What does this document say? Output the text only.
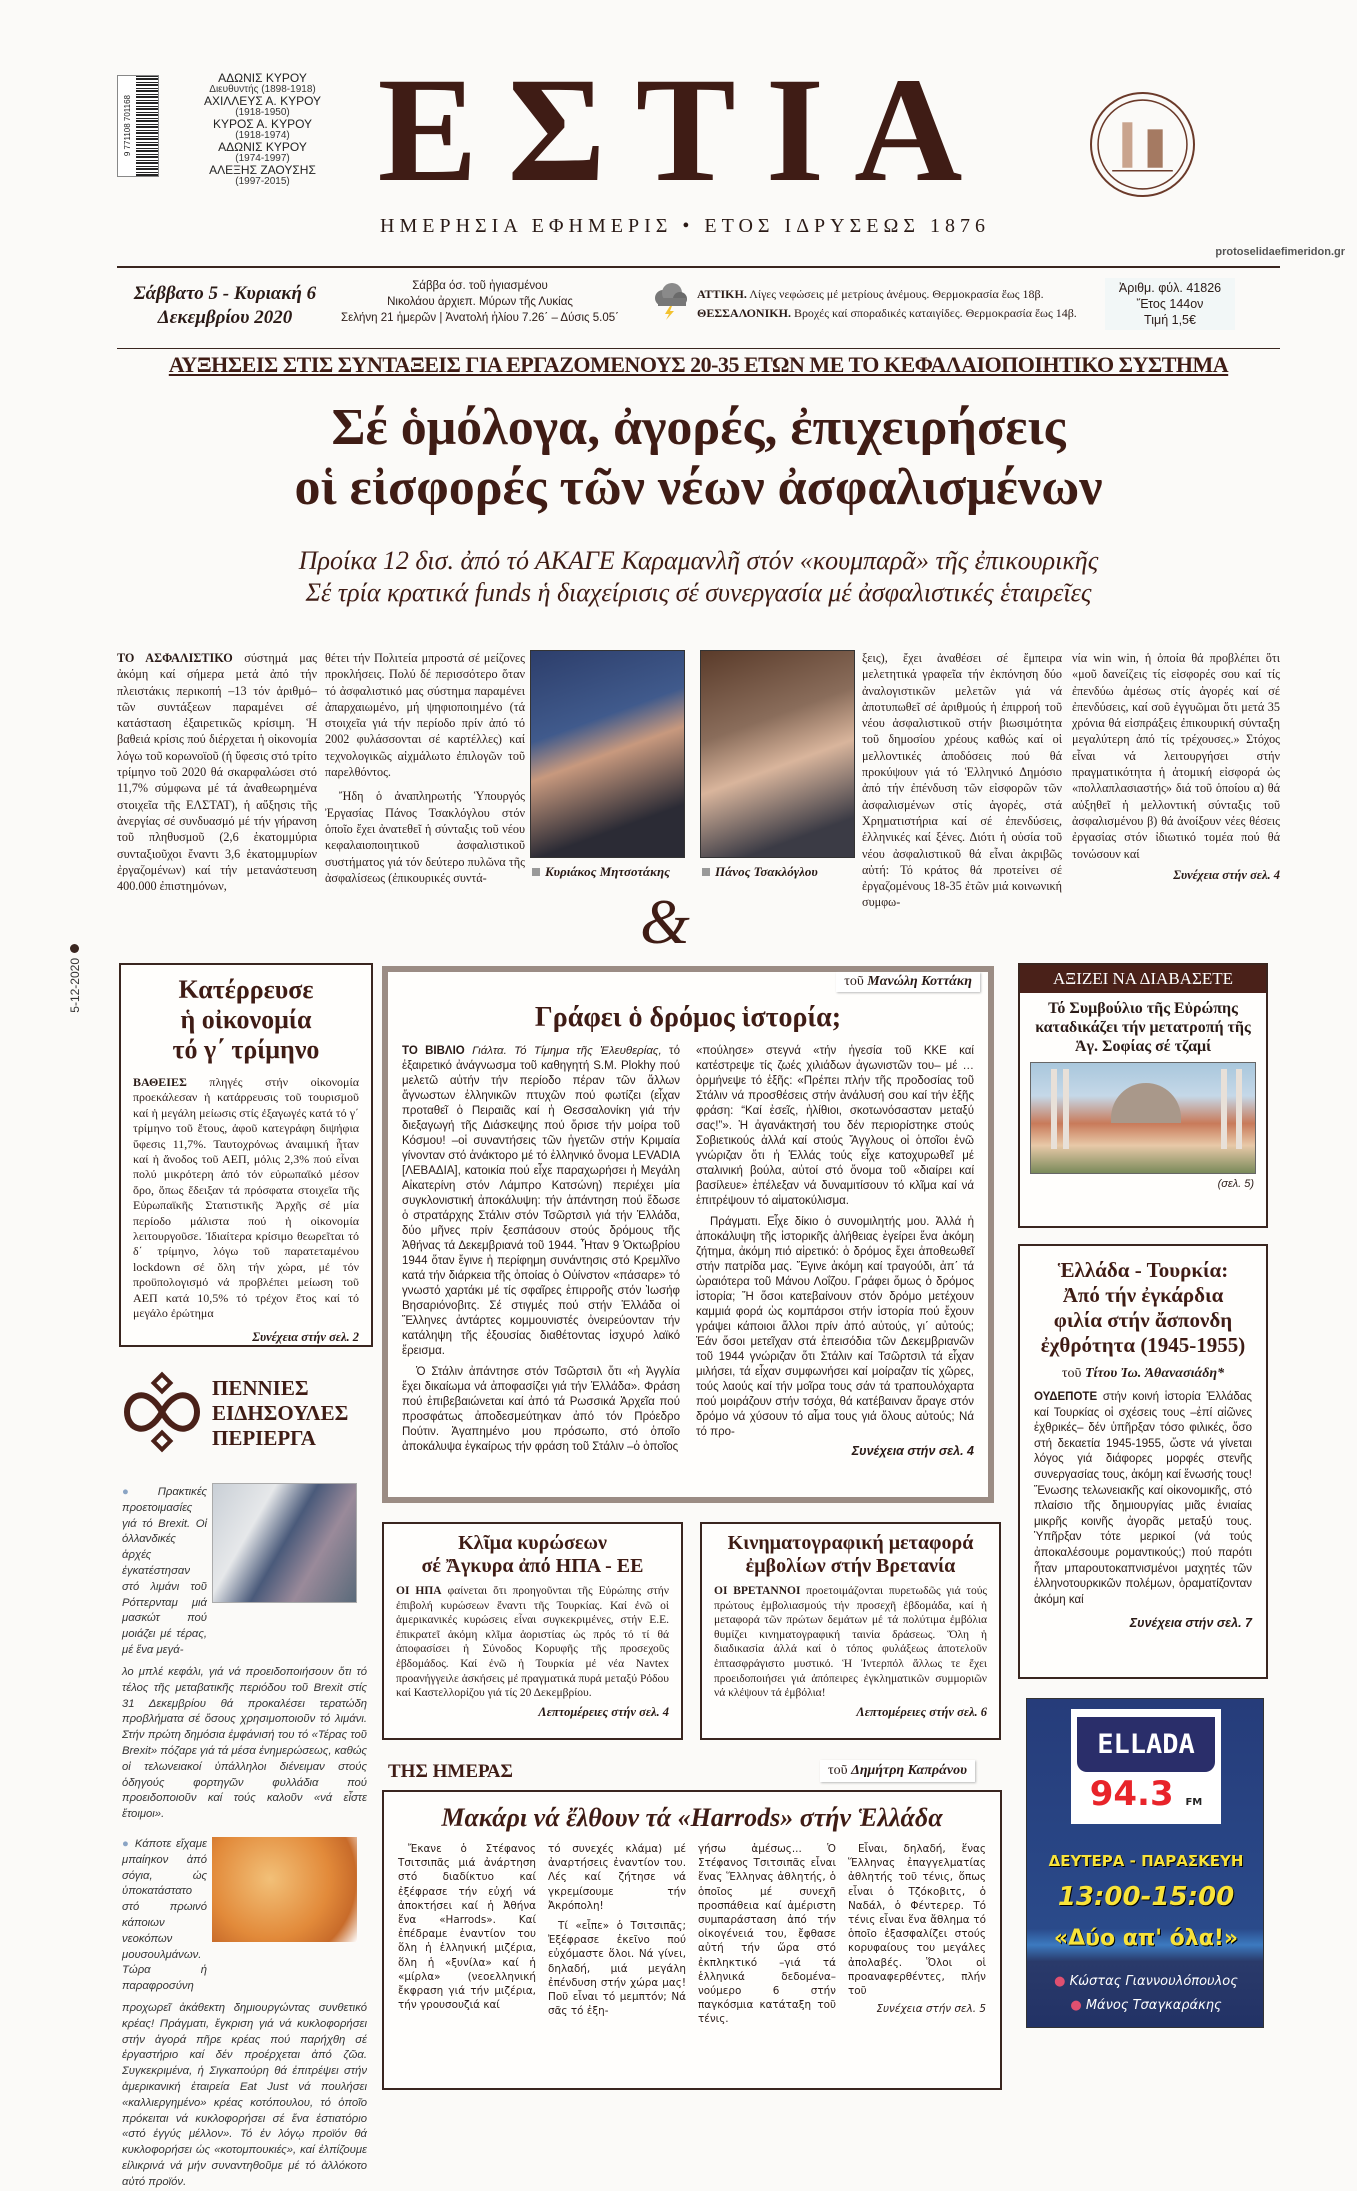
9 771108 701168
ΑΔΩΝΙΣ ΚΥΡΟΥ
Διευθυντής (1898-1918)
ΑΧΙΛΛΕΥΣ Α. ΚΥΡΟΥ
(1918-1950)
ΚΥΡΟΣ Α. ΚΥΡΟΥ
(1918-1974)
ΑΔΩΝΙΣ ΚΥΡΟΥ
(1974-1997)
ΑΛΕΞΗΣ ΖΑΟΥΣΗΣ
(1997-2015) ΕΣΤΙΑ
ΗΜΕΡΗΣΙΑ ΕΦΗΜΕΡΙΣ • ΕΤΟΣ ΙΔΡΥΣΕΩΣ 1876
protoselidaefimeridon.gr
Σάββατο 5 - Κυριακή 6
Δεκεμβρίου 2020
Σάββα όσ. τοῦ ἡγιασμένου
Νικολάου ἀρχιεπ. Μύρων τῆς Λυκίας
Σελήνη 21 ἡμερῶν | Ἀνατολή ἡλίου 7.26΄ – Δύσις 5.05΄
ΑΤΤΙΚΗ. Λίγες νεφώσεις μέ μετρίους ἀνέμους. Θερμοκρασία ἕως 18β.
ΘΕΣΣΑΛΟΝΙΚΗ. Βροχές καί σποραδικές καταιγίδες. Θερμοκρασία ἕως 14β.
Ἀριθμ. φύλ. 41826
Ἔτος 144ον
Τιμή 1,5€
ΑΥΞΗΣΕΙΣ ΣΤΙΣ ΣΥΝΤΑΞΕΙΣ ΓΙΑ ΕΡΓΑΖΟΜΕΝΟΥΣ 20-35 ΕΤΩΝ ΜΕ ΤΟ ΚΕΦΑΛΑΙΟΠΟΙΗΤΙΚΟ ΣΥΣΤΗΜΑ
Σέ ὁμόλογα, ἀγορές, ἐπιχειρήσεις
οἱ εἰσφορές τῶν νέων ἀσφαλισμένων
Προίκα 12 δισ. ἀπό τό ΑΚΑΓΕ Καραμανλῆ στόν «κουμπαρᾶ» τῆς ἐπικουρικῆς
Σέ τρία κρατικά funds ἡ διαχείρισις σέ συνεργασία μέ ἀσφαλιστικές ἑταιρεῖες

ΤΟ ΑΣΦΑΛΙΣΤΙΚΟ σύστημά μας ἀκόμη καί σήμερα μετά ἀπό τήν πλειστάκις περικοπή –13 τόν ἀριθμό– τῶν συντάξεων παραμένει σέ κατάσταση ἐξαιρετικῶς κρίσιμη. Ἡ βαθειά κρίσις πού διέρχεται ἡ οἰκονομία λόγω τοῦ κορωνοϊοῦ (ἡ ὕφεσις στό τρίτο τρίμηνο τοῦ 2020 θά σκαρφαλώσει στό 11,7% σύμφωνα μέ τά ἀναθεωρημένα στοιχεῖα τῆς ΕΛΣΤΑΤ), ἡ αὔξησις τῆς ἀνεργίας σέ συνδυασμό μέ τήν γήρανση τοῦ πληθυσμοῦ (2,6 ἑκατομμύρια συνταξιοῦχοι ἔναντι 3,6 ἑκατομμυρίων ἐργαζομένων) καί τήν μετανάστευση 400.000 ἐπιστημόνων,

θέτει τήν Πολιτεία μπροστά σέ μείζονες προκλήσεις. Πολύ δέ περισσότερο ὅταν τό ἀσφαλιστικό μας σύστημα παραμένει ἀπαρχαιωμένο, μή ψηφιοποιημένο (τά στοιχεῖα γιά τήν περίοδο πρίν ἀπό τό 2002 φυλάσσονται σέ καρτέλλες) καί τεχνολογικῶς αἰχμάλωτο ἐπιλογῶν τοῦ παρελθόντος.

Ἤδη ὁ ἀναπληρωτής Ὑπουργός Ἐργασίας Πάνος Τσακλόγλου στόν ὁποῖο ἔχει ἀνατεθεῖ ἡ σύνταξις τοῦ νέου κεφαλαιοποιητικοῦ ἀσφαλιστικοῦ συστήματος γιά τόν δεύτερο πυλῶνα τῆς ἀσφαλίσεως (ἐπικουρικές συντά-	Κυριάκος Μητσοτάκης	Πάνος Τσακλόγλου

ξεις), ἔχει ἀναθέσει σέ ἔμπειρα μελετητικά γραφεῖα τήν ἐκπόνηση δύο ἀναλογιστικῶν μελετῶν γιά νά ἀποτυπωθεῖ σέ ἀριθμούς ἡ ἐπιρροή τοῦ νέου ἀσφαλιστικοῦ στήν βιωσιμότητα τοῦ δημοσίου χρέους καθώς καί οἱ μελλοντικές ἀποδόσεις πού θά προκύψουν γιά τό Ἑλληνικό Δημόσιο ἀπό τήν ἐπένδυση τῶν εἰσφορῶν τῶν ἀσφαλισμένων στίς ἀγορές, στά Χρηματιστήρια καί σέ ἐπενδύσεις, ἑλληνικές καί ξένες. Διότι ἡ οὐσία τοῦ νέου ἀσφαλιστικοῦ θά εἶναι ἀκριβῶς αὐτή: Τό κράτος θά προτείνει σέ ἐργαζομένους 18-35 ἐτῶν μιά κοινωνική συμφω-

νία win win, ἡ ὁποία θά προβλέπει ὅτι «μοῦ δανείζεις τίς εἰσφορές σου καί τίς ἐπενδύω ἀμέσως στίς ἀγορές καί σέ ἐπενδύσεις, καί σοῦ ἐγγυῶμαι ὅτι μετά 35 χρόνια θά εἰσπράξεις ἐπικουρική σύνταξη μεγαλύτερη ἀπό τίς τρέχουσες.» Στόχος εἶναι νά λειτουργήσει στήν πραγματικότητα ἡ ἀτομική εἰσφορά ὡς «πολλαπλασιαστής» διά τοῦ ὁποίου α) θά αὐξηθεῖ ἡ μελλοντική σύνταξις τοῦ ἀσφαλισμένου β) θά ἀνοίξουν νέες θέσεις ἐργασίας στόν ἰδιωτικό τομέα πού θά τονώσουν καί

Συνέχεια στήν σελ. 4
&
5-12-2020	Κατέρρευσε
ἡ οἰκονομία
τό γ΄ τρίμηνο

ΒΑΘΕΙΕΣ πληγές στήν οἰκονομία προεκάλεσαν ἡ κατάρρευσις τοῦ τουρισμοῦ καί ἡ μεγάλη μείωσις στίς ἐξαγωγές κατά τό γ΄ τρίμηνο τοῦ ἔτους, ἀφοῦ κατεγράφη διψήφια ὕφεσις 11,7%. Ταυτοχρόνως ἀναιμική ἦταν καί ἡ ἄνοδος τοῦ ΑΕΠ, μόλις 2,3% πού εἶναι πολύ μικρότερη ἀπό τόν εὐρωπαϊκό μέσον ὅρο, ὅπως ἔδειξαν τά πρόσφατα στοιχεῖα τῆς Εὐρωπαϊκῆς Στατιστικῆς Ἀρχῆς σέ μία περίοδο μάλιστα πού ἡ οἰκονομία λειτουργοῦσε. Ἰδιαίτερα κρίσιμο θεωρεῖται τό δ΄ τρίμηνο, λόγω τοῦ παρατεταμένου lockdown σέ ὅλη τήν χώρα, μέ τόν προϋπολογισμό νά προβλέπει μείωση τοῦ ΑΕΠ κατά 10,5% τό τρέχον ἔτος καί τό μεγάλο ἐρώτημα

Συνέχεια στήν σελ. 2
τοῦ Μανώλη Κοττάκη
Γράφει ὁ δρόμος ἱστορία;

ΤΟ ΒΙΒΛΙΟ Γιάλτα. Τό Τίμημα τῆς Ἐλευθερίας, τό ἐξαιρετικό ἀνάγνωσμα τοῦ καθηγητή S.M. Plokhy πού μελετῶ αὐτήν τήν περίοδο πέραν τῶν ἄλλων ἄγνωστων ἑλληνικῶν πτυχῶν πού φωτίζει (εἶχαν προταθεῖ ὁ Πειραιᾶς καί ἡ Θεσσαλονίκη γιά τήν διεξαγωγή τῆς Διάσκεψης πού ὅρισε τήν μοίρα τοῦ Κόσμου! –οἱ συναντήσεις τῶν ἡγετῶν στήν Κριμαία γίνονταν στό ἀνάκτορο μέ τό ἑλληνικό ὄνομα LEVADIA [ΛΕΒΑΔΙΑ], κατοικία πού εἶχε παραχωρήσει ἡ Μεγάλη Αἰκατερίνη στόν Λάμπρο Κατσώνη) περιέχει μία συγκλονιστική ἀποκάλυψη: τήν ἀπάντηση πού ἔδωσε ὁ στρατάρχης Στάλιν στόν Τσῶρτσιλ γιά τήν Ἑλλάδα, δύο μῆνες πρίν ξεσπάσουν στούς δρόμους τῆς Ἀθήνας τά Δεκεμβριανά τοῦ 1944. Ἦταν 9 Ὀκτωβρίου 1944 ὅταν ἔγινε ἡ περίφημη συνάντησις στό Κρεμλῖνο κατά τήν διάρκεια τῆς ὁποίας ὁ Οὐίνστον «πάσαρε» τό γνωστό χαρτάκι μέ τίς σφαῖρες ἐπιρροῆς στόν Ἰωσήφ Βησαριόνοβιτς. Σέ στιγμές πού στήν Ἑλλάδα οἱ Ἕλληνες ἀντάρτες κομμουνιστές ὀνειρεύονταν τήν κατάληψη τῆς ἐξουσίας διαθέτοντας ἰσχυρό λαϊκό ἔρεισμα.

Ὁ Στάλιν ἀπάντησε στόν Τσῶρτσιλ ὅτι «ἡ Ἀγγλία ἔχει δικαίωμα νά ἀποφασίζει γιά τήν Ἑλλάδα». Φράση πού ἐπιβεβαιώνεται καί ἀπό τά Ρωσσικά Ἀρχεῖα πού προσφάτως ἀποδεσμεύτηκαν ἀπό τόν Πρόεδρο Πούτιν. Ἀγαπημένο μου πρόσωπο, στό ὁποῖο ἀποκάλυψα ἐγκαίρως τήν φράση τοῦ Στάλιν –ὁ ὁποῖος

«πούλησε» στεγνά «τήν ἡγεσία τοῦ ΚΚΕ καί κατέστρεψε τίς ζωές χιλιάδων ἀγωνιστῶν του– μέ … ὁρμήνεψε τό ἑξῆς: «Πρέπει πλήν τῆς προδοσίας τοῦ Στάλιν νά προσθέσεις στήν ἀνάλυσή σου καί τήν ἑξῆς φράση: “Καί ἐσεῖς, ἠλίθιοι, σκοτωνόσασταν μεταξύ σας!”». Ἡ ἀγανάκτησή του δέν περιορίστηκε στούς Σοβιετικούς ἀλλά καί στούς Ἄγγλους οἱ ὁποῖοι ἐνῶ γνώριζαν ὅτι ἡ Ἑλλάς τούς εἶχε κατοχυρωθεῖ μέ σταλινική βούλα, αὐτοί στό ὄνομα τοῦ «διαίρει καί βασίλευε» ἐπέλεξαν νά δυναμιτίσουν τό κλῖμα καί νά ἐπιτρέψουν τό αἱματοκύλισμα.

Πράγματι. Εἶχε δίκιο ὁ συνομιλητής μου. Ἀλλά ἡ ἀποκάλυψη τῆς ἱστορικῆς ἀλήθειας ἐγείρει ἕνα ἀκόμη ζήτημα, ἀκόμη πιό αἱρετικό: ὁ δρόμος ἔχει ἀποθεωθεῖ στήν πατρίδα μας. Ἔγινε ἀκόμη καί τραγούδι, ἀπ΄ τά ὡραιότερα τοῦ Μάνου Λοΐζου. Γράφει ὅμως ὁ δρόμος ἱστορία; Ἤ ὅσοι κατεβαίνουν στόν δρόμο μετέχουν καμμιά φορά ὡς κομπάρσοι στήν ἱστορία πού ἔχουν γράψει κάποιοι ἄλλοι πρίν ἀπό αὐτούς, γι΄ αὐτούς; Ἐάν ὅσοι μετεῖχαν στά ἐπεισόδια τῶν Δεκεμβριανῶν τοῦ 1944 γνώριζαν ὅτι Στάλιν καί Τσῶρτσιλ τά εἶχαν μιλήσει, τά εἶχαν συμφωνήσει καί μοίραζαν τίς χῶρες, τούς λαούς καί τήν μοῖρα τους σάν τά τραπουλόχαρτα πού μοιράζουν στήν τσόχα, θά κατέβαιναν ἄραγε στόν δρόμο νά χύσουν τό αἷμα τους γιά ὅλους αὐτούς; Νά τό προ-

Συνέχεια στήν σελ. 4
ΑΞΙΖΕΙ ΝΑ ΔΙΑΒΑΣΕΤΕ
Τό Συμβούλιο τῆς Εὐρώπης καταδικάζει τήν μετατροπή τῆς Ἁγ. Σοφίας σέ τζαμί
(σελ. 5)
Ἑλλάδα - Τουρκία:
Ἀπό τήν ἐγκάρδια
φιλία στήν ἄσπονδη
ἐχθρότητα (1945-1955)
τοῦ Τίτου Ἰω. Ἀθανασιάδη*

ΟΥΔΕΠΟΤΕ στήν κοινή ἱστορία Ἑλλάδας καί Τουρκίας οἱ σχέσεις τους –ἐπί αἰῶνες ἐχθρικές– δέν ὑπῆρξαν τόσο φιλικές, ὅσο στή δεκαετία 1945-1955, ὥστε νά γίνεται λόγος γιά διάφορες μορφές στενῆς συνεργασίας τους, ἀκόμη καί ἕνωσής τους! Ἕνωσης τελωνειακῆς καί οἰκονομικῆς, στό πλαίσιο τῆς δημιουργίας μιᾶς ἑνιαίας μικρῆς κοινῆς ἀγορᾶς μεταξύ τους. Ὑπῆρξαν τότε μερικοί (νά τούς ἀποκαλέσουμε ρομαντικούς;) πού παρότι ἦταν μπαρουτοκαπνισμένοι μαχητές τῶν ἑλληνοτουρκικῶν πολέμων, ὁραματίζονταν ἀκόμη καί

Συνέχεια στήν σελ. 7
ΠΕΝΝΙΕΣ
ΕΙΔΗΣΟΥΛΕΣ
ΠΕΡΙΕΡΓΑ
● Πρακτικές προετοιμασίες γιά τό Brexit. Οἱ ὁλλανδικές ἀρχές ἐγκατέστησαν στό λιμάνι τοῦ Ρόττερνταμ μιά μασκώτ πού μοιάζει μέ τέρας, μέ ἕνα μεγά-
λο μπλέ κεφάλι, γιά νά προειδοποιήσουν ὅτι τό τέλος τῆς μεταβατικῆς περιόδου τοῦ Brexit στίς 31 Δεκεμβρίου θά προκαλέσει τερατώδη προβλήματα σέ ὅσους χρησιμοποιοῦν τό λιμάνι. Στήν πρώτη δημόσια ἐμφάνισή του τό «Τέρας τοῦ Brexit» πόζαρε γιά τά μέσα ἐνημερώσεως, καθώς οἱ τελωνειακοί ὑπάλληλοι διένειμαν στούς ὁδηγούς φορτηγῶν φυλλάδια πού προειδοποιοῦν καί τούς καλοῦν «νά εἶστε ἕτοιμοι».
● Κάποτε εἴχαμε μπαίηκον ἀπό σόγια, ὡς ὑποκατάστατο στό πρωινό κάποιων νεοκόπων μουσουλμάνων. Τώρα ἡ παραφροσύνη
προχωρεῖ ἀκάθεκτη δημιουργώντας συνθετικό κρέας! Πράγματι, ἔγκριση γιά νά κυκλοφορήσει στήν ἀγορά πῆρε κρέας πού παρήχθη σέ ἐργαστήριο καί δέν προέρχεται ἀπό ζῶα. Συγκεκριμένα, ἡ Σιγκαπούρη θά ἐπιτρέψει στήν ἀμερικανική ἑταιρεία Eat Just νά πουλήσει «καλλιεργημένο» κρέας κοτόπουλου, τό ὁποῖο πρόκειται νά κυκλοφορήσει σέ ἕνα ἑστιατόριο «στό ἐγγύς μέλλον». Τό ἐν λόγῳ προϊόν θά κυκλοφορήσει ὡς «κοτομπουκιές», καί ἐλπίζουμε εἰλικρινά νά μήν συναντηθοῦμε μέ τό ἀλλόκοτο αὐτό προϊόν.
Κλῖμα κυρώσεων
σέ Ἄγκυρα ἀπό ΗΠΑ - ΕΕ

ΟΙ ΗΠΑ φαίνεται ὅτι προηγοῦνται τῆς Εὐρώπης στήν ἐπιβολή κυρώσεων ἔναντι τῆς Τουρκίας. Καί ἐνῶ οἱ ἀμερικανικές κυρώσεις εἶναι συγκεκριμένες, στήν Ε.Ε. ἐπικρατεῖ ἀκόμη κλῖμα ἀοριστίας ὡς πρός τό τί θά ἀποφασίσει ἡ Σύνοδος Κορυφῆς τῆς προσεχοῦς ἑβδομάδος. Καί ἐνῶ ἡ Τουρκία μέ νέα Navtex προανήγγειλε ἀσκήσεις μέ πραγματικά πυρά μεταξύ Ρόδου καί Καστελλορίζου γιά τίς 20 Δεκεμβρίου.

Λεπτομέρειες στήν σελ. 4
Κινηματογραφική μεταφορά
ἐμβολίων στήν Βρετανία

ΟΙ ΒΡΕΤΑΝΝΟΙ προετοιμάζονται πυρετωδῶς γιά τούς πρώτους ἐμβολιασμούς τήν προσεχῆ ἑβδομάδα, καί ἡ μεταφορά τῶν πρώτων δεμάτων μέ τά πολύτιμα ἐμβόλια θυμίζει κινηματογραφική ταινία δράσεως. Ὅλη ἡ διαδικασία ἀλλά καί ὁ τόπος φυλάξεως ἀποτελοῦν ἑπτασφράγιστο μυστικό. Ἡ Ἰντερπόλ ἄλλως τε ἔχει προειδοποιήσει γιά ἀπόπειρες ἐγκληματικῶν συμμοριῶν νά κλέψουν τά ἐμβόλια!

Λεπτομέρειες στήν σελ. 6
ΤΗΣ ΗΜΕΡΑΣ	τοῦ Δημήτρη Καπράνου
Μακάρι νά ἔλθουν τά «Harrods» στήν Ἑλλάδα

Ἔκανε ὁ Στέφανος Τσιτσιπᾶς μιά ἀνάρτηση στό διαδίκτυο καί ἐξέφρασε τήν εὐχή νά ἀποκτήσει καί ἡ Ἀθήνα ἕνα «Harrods». Καί ἐπέδραμε ἐναντίον του ὅλη ἡ ἑλληνική μιζέρια, ὅλη ἡ «ξυνίλα» καί ἡ «μίρλα» (νεοελληνική ἔκφραση γιά τήν μιζέρια, τήν γρουσουζιά καί

τό συνεχές κλάμα) μέ ἀναρτήσεις ἐναντίον του. Λές καί ζήτησε νά γκρεμίσουμε τήν Ἀκρόπολη!

Τί «εἶπε» ὁ Τσιτσιπᾶς; Ἐξέφρασε ἐκεῖνο πού εὐχόμαστε ὅλοι. Νά γίνει, δηλαδή, μιά μεγάλη ἐπένδυση στήν χώρα μας! Ποῦ εἶναι τό μεμπτόν; Νά σᾶς τό ἐξη-

γήσω ἀμέσως... Ὁ Στέφανος Τσιτσιπᾶς εἶναι ἕνας Ἕλληνας ἀθλητής, ὁ ὁποῖος μέ συνεχῆ προσπάθεια καί ἀμέριστη συμπαράσταση ἀπό τήν οἰκογένειά του, ἔφθασε αὐτή τήν ὥρα στό ἐκπληκτικό –γιά τά ἑλληνικά δεδομένα– νούμερο 6 στήν παγκόσμια κατάταξη τοῦ τένις.

Εἶναι, δηλαδή, ἕνας Ἕλληνας ἐπαγγελματίας ἀθλητής τοῦ τένις, ὅπως εἶναι ὁ Τζόκοβιτς, ὁ Ναδάλ, ὁ Φέντερερ. Τό τένις εἶναι ἕνα ἄθλημα τό ὁποῖο ἐξασφαλίζει στούς κορυφαίους του μεγάλες ἀπολαβές. Ὅλοι οἱ προαναφερθέντες, πλήν τοῦ

Συνέχεια στήν σελ. 5
ELLADA
94.3 FM
ΔΕΥΤΕΡΑ - ΠΑΡΑΣΚΕΥΗ
13:00-15:00
«Δύο απ' όλα!»
● Κώστας Γιαννουλόπουλος
● Μάνος Τσαγκαράκης
